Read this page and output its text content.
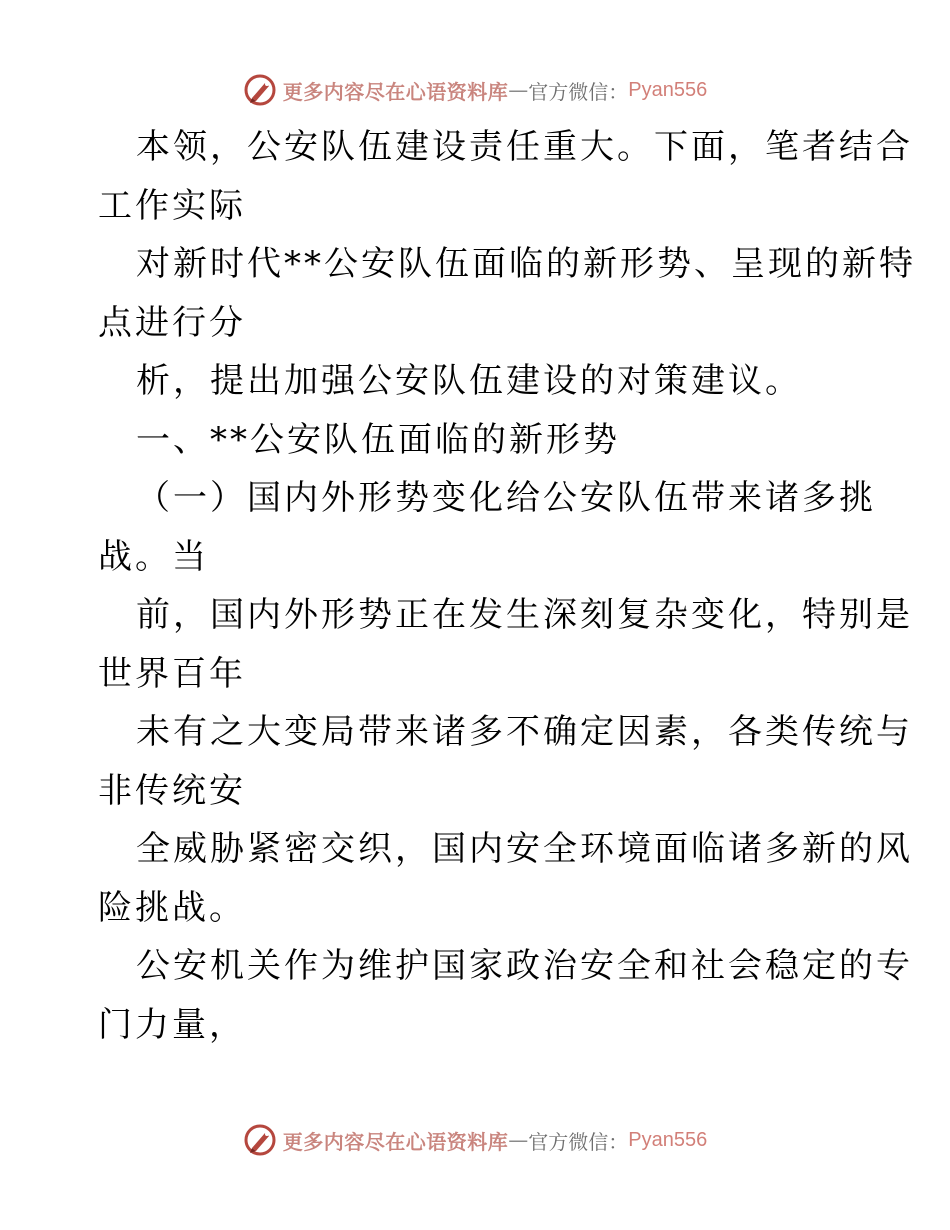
更多内容尽在心语资料库 — 官方微信： Pyan556
本领，公安队伍建设责任重大。下面，笔者结合
工作实际
对新时代**公安队伍面临的新形势、呈现的新特
点进行分
析，提出加强公安队伍建设的对策建议。
一、**公安队伍面临的新形势
（一）国内外形势变化给公安队伍带来诸多挑
战。当
前，国内外形势正在发生深刻复杂变化，特别是
世界百年
未有之大变局带来诸多不确定因素，各类传统与
非传统安
全威胁紧密交织，国内安全环境面临诸多新的风
险挑战。
公安机关作为维护国家政治安全和社会稳定的专
门力量，
更多内容尽在心语资料库 — 官方微信： Pyan556
